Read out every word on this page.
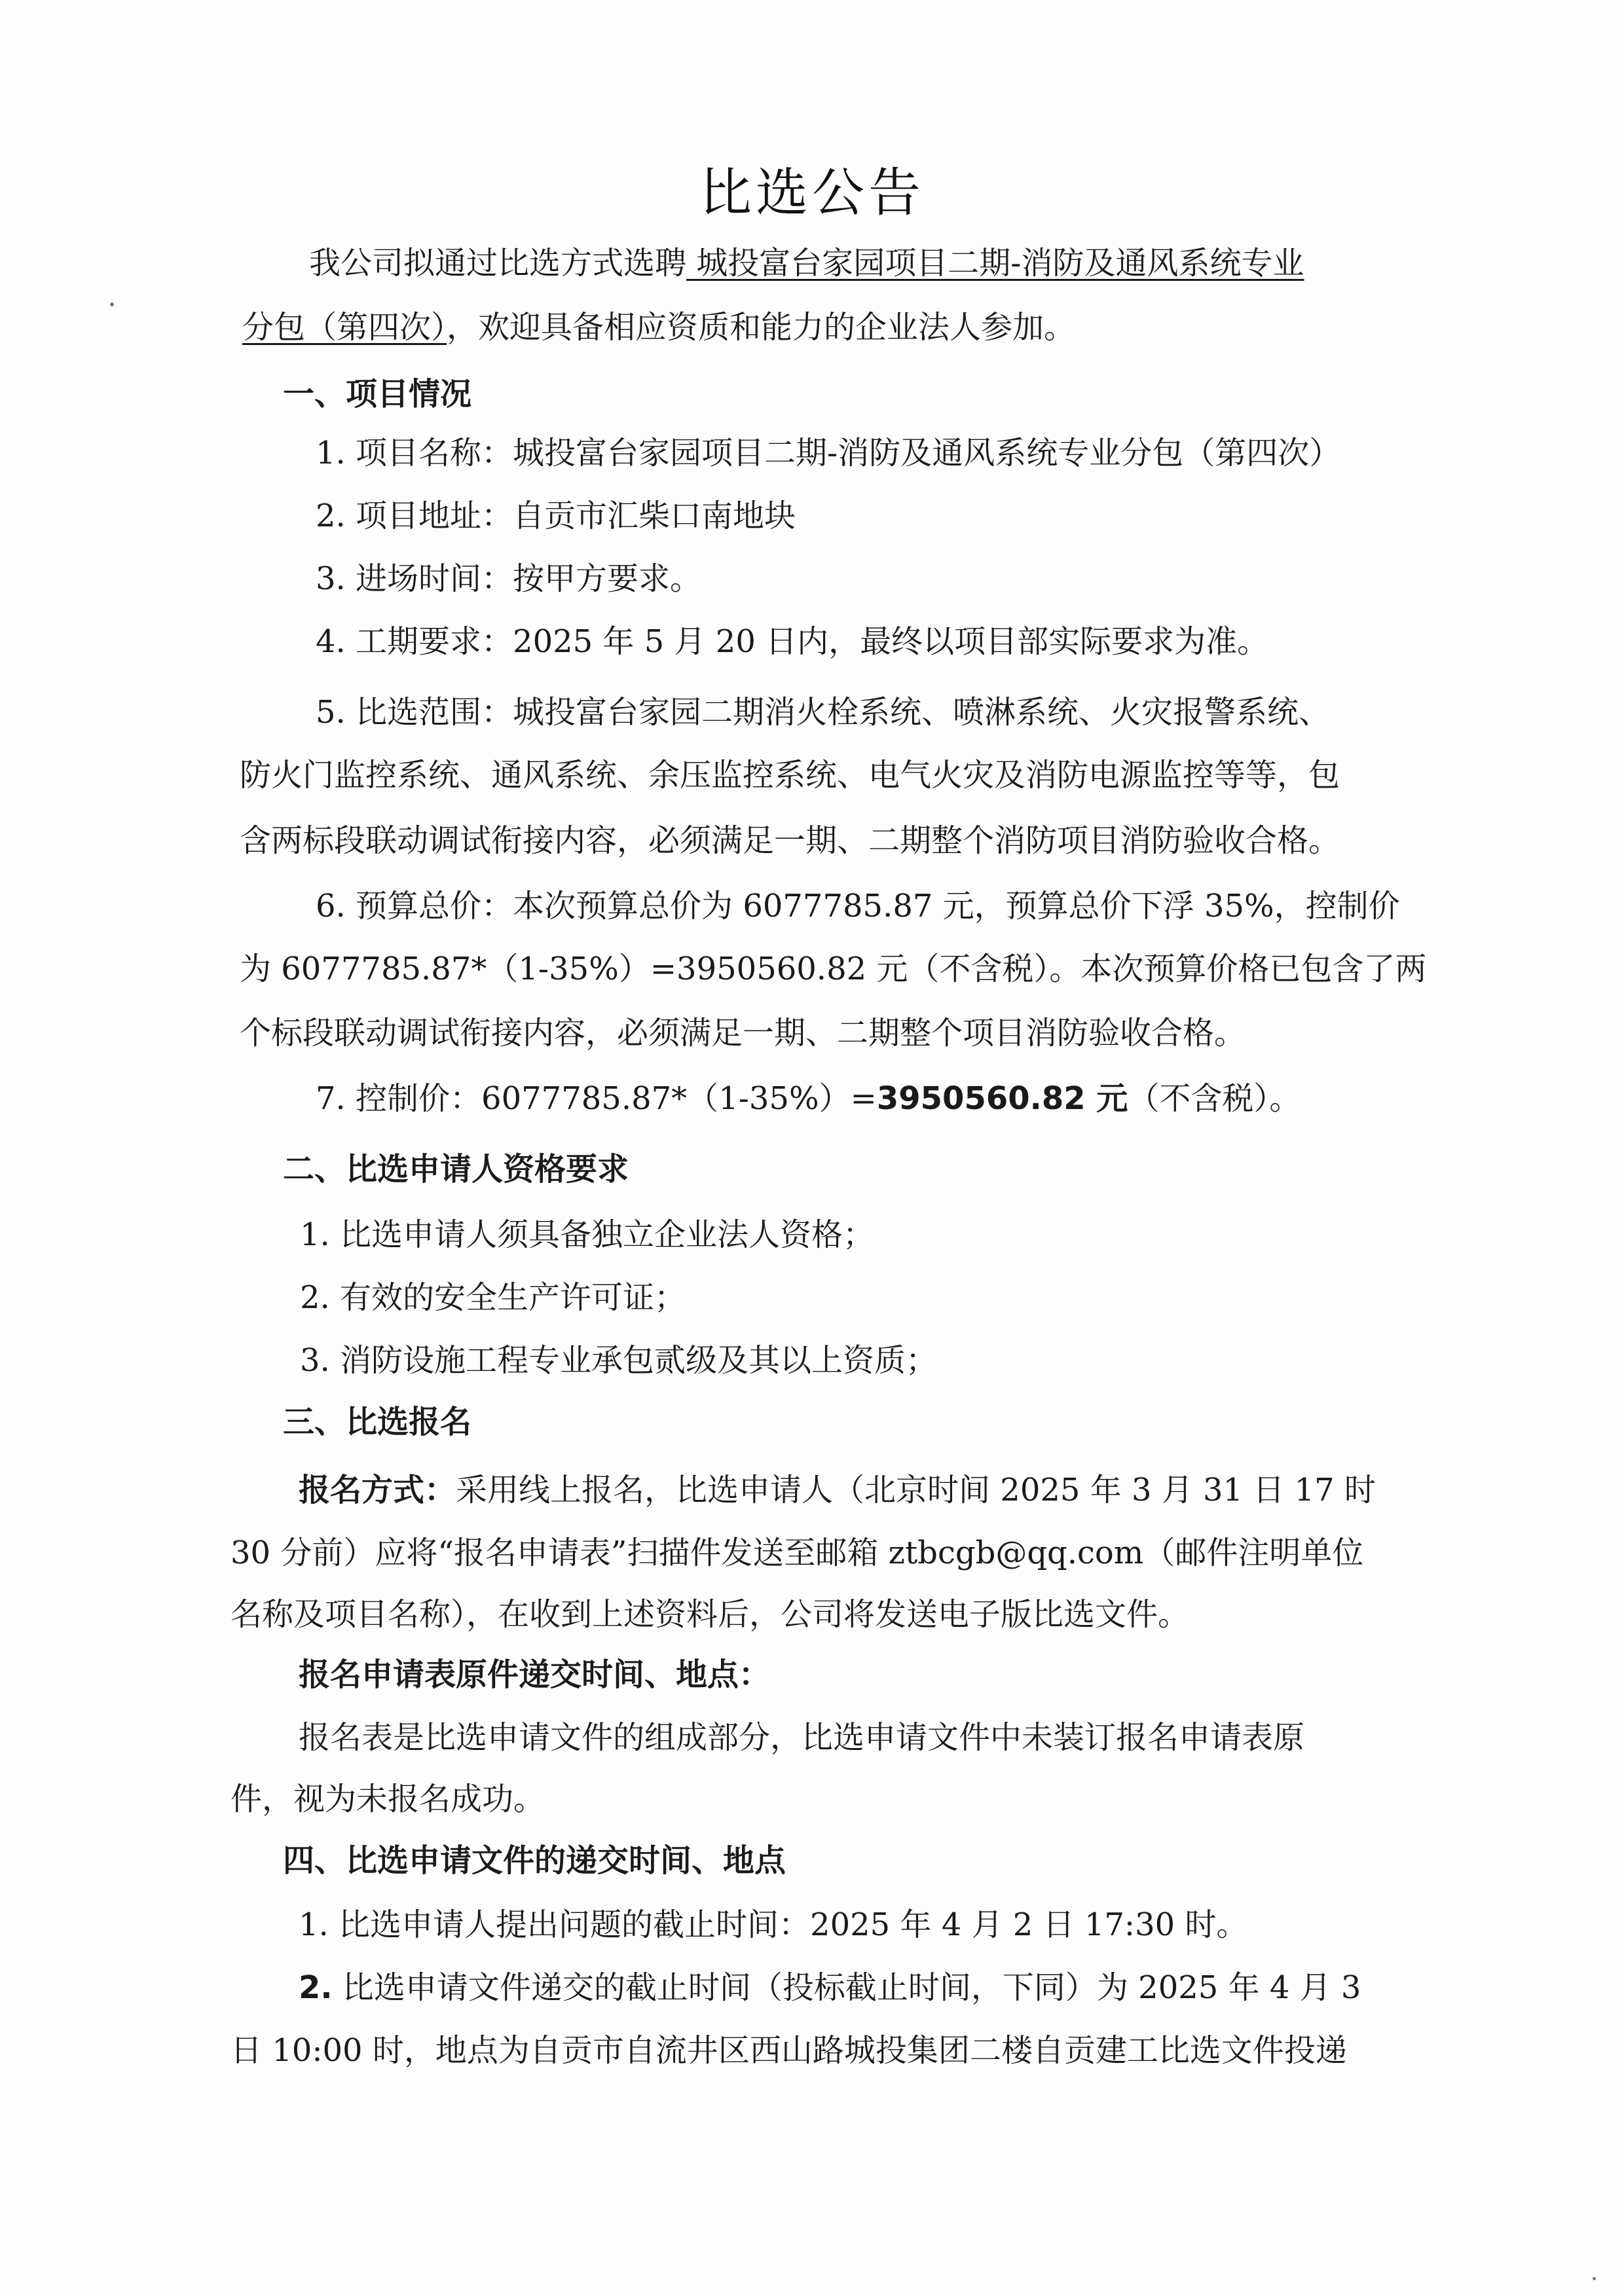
比选公告
我公司拟通过比选方式选聘 城投富台家园项目二期-消防及通风系统专业
分包（第四次），欢迎具备相应资质和能力的企业法人参加。
一、项目情况
1. 项目名称：城投富台家园项目二期-消防及通风系统专业分包（第四次）
2. 项目地址：自贡市汇柴口南地块
3. 进场时间：按甲方要求。
4. 工期要求：2025 年 5 月 20 日内，最终以项目部实际要求为准。
5. 比选范围：城投富台家园二期消火栓系统、喷淋系统、火灾报警系统、
防火门监控系统、通风系统、余压监控系统、电气火灾及消防电源监控等等，包
含两标段联动调试衔接内容，必须满足一期、二期整个消防项目消防验收合格。
6. 预算总价：本次预算总价为 6077785.87 元，预算总价下浮 35%，控制价
为 6077785.87*（1-35%）=3950560.82 元（不含税）。本次预算价格已包含了两
个标段联动调试衔接内容，必须满足一期、二期整个项目消防验收合格。
7. 控制价：6077785.87*（1-35%）=3950560.82 元（不含税）。
二、比选申请人资格要求
1. 比选申请人须具备独立企业法人资格；
2. 有效的安全生产许可证；
3. 消防设施工程专业承包贰级及其以上资质；
三、比选报名
报名方式：采用线上报名，比选申请人（北京时间 2025 年 3 月 31 日 17 时
30 分前）应将“报名申请表”扫描件发送至邮箱 ztbcgb@qq.com（邮件注明单位
名称及项目名称），在收到上述资料后，公司将发送电子版比选文件。
报名申请表原件递交时间、地点：
报名表是比选申请文件的组成部分，比选申请文件中未装订报名申请表原
件，视为未报名成功。
四、比选申请文件的递交时间、地点
1. 比选申请人提出问题的截止时间：2025 年 4 月 2 日 17:30 时。
2. 比选申请文件递交的截止时间（投标截止时间，下同）为 2025 年 4 月 3
日 10:00 时，地点为自贡市自流井区西山路城投集团二楼自贡建工比选文件投递
